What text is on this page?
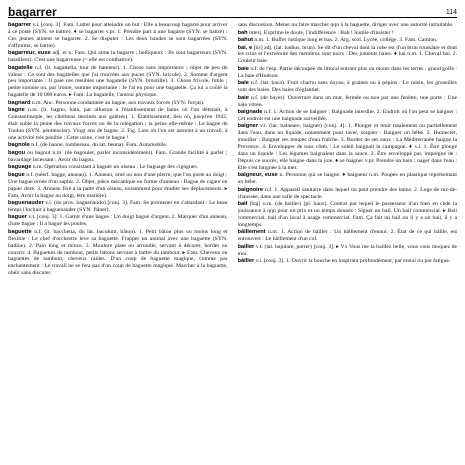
bagarrer	114

bagarrer v.i. [conj. 3]. Fam. Lutter pour atteindre un but : Elle a beaucoup bagarré pour arriver à ce poste (SYN. se battre). ♦ se bagarrer v.pr. 1. Prendre part à une bagarre (SYN. se battre) : Ces jeunes aiment se bagarrer. 2. Se disputer : Les deux bandes se sont bagarrées (SYN. s'affronter, se battre).

bagarreur, euse adj. et n. Fam. Qui aime la bagarre ; belliqueux : Ils sont bagarreurs (SYN. batailleur). C'est une bagarreuse (= elle est combative).

bagatelle n.f. (it. bagattella, tour de bateleur). 1. Chose sans importance ; objet de peu de valeur : Ce sont des bagatelles que j'ai trouvées aux puces (SYN. bricole). 2. Somme d'argent peu importante : Il paie ces meubles une bagatelle (SYN. broutille). 3. Chose frivole, futile ; petite somme ou, par ironie, somme importante : Je l'ai eu pour une bagatelle. Ça lui a coûté la bagatelle de 10 000 euros. ▸ Fam. La bagatelle, l'amour physique.

bagnard n.m. Anc. Personne condamnée au bagne, aux travaux forcés (SYN. forçat).

bagne n.m. (it. bagno, bain, par allusion à l'établissement de bains où l'on détenait, à Constantinople, les chrétiens destinés aux galères). 1. Établissement, lieu où, jusqu'en 1942, était subie la peine des travaux forcés ou de la relégation ; la peine elle-même : Le bagne de Toulon (SYN. pénitencier). Vingt ans de bagne. 2. Fig. Lieu où l'on est astreint à un travail, à une activité très pénible : Cette usine, c'est le bagne !

bagnole n.f. (de banne, tombereau, du lat. benna). Fam. Automobile.

bagou ou bagout n.m. (de bagouler, parler inconsidérément). Fam. Grande facilité à parler ; bavardage incessant : Avoir du bagou.

baguage n.m. Opération consistant à baguer un oiseau : Le baguage des cigognes.

bague n.f. (néerl. bagge, anneau). 1. Anneau, orné ou non d'une pierre, que l'on porte au doigt : Une bague ornée d'un saphir. 2. Objet, pièce mécanique en forme d'anneau : Bague de cigare en papier doré. 3. Anneau fixé à la patte d'un oiseau, notamment pour étudier ses déplacements. ▸ Fam. Avoir la bague au doigt, être marié(e).

baguenauder v.i. (du prov. baguenaudo) [conj. 3]. Fam. Se promener en s'attardant : Le beau temps l'incitait à baguenauder (SYN. flâner).

baguer v.t. [conj. 3]. 1. Garnir d'une bague : Un doigt bagué d'argent. 2. Marquer d'un anneau, d'une bague : Il a bagué les poules.

baguette n.f. (it. bacchetta, du lat. baculum, bâton). 1. Petit bâton plus ou moins long et flexible : Le chef d'orchestre lève sa baguette. Frapper un animal avec une baguette (SYN. badine). 2. Pain long et mince. 3. Moulure plate ou arrondie, servant à décorer, border ou couvrir. 4. Baguettes de tambour, petits bâtons servant à battre du tambour. ▸ Fam. Cheveux en baguettes de tambour, cheveux raides. D'un coup de baguette magique, comme par enchantement : Le travail ne se fera pas d'un coup de baguette magique. Marcher à la baguette, obéir sans discuter.

sans discussion. Mener ou faire marcher qqn à la baguette, diriger avec une autorité intraitable.

bah interj. Exprime le doute, l'indifférence : Bah ! inutile d'insister !

bahut n.m. 1. Buffet rustique long et bas. 2. Arg. scol. Lycée, collège. 3. Fam. Camion.

bai, e [bɛ] adj. (lat. badius, brun). Se dit d'un cheval dont la robe est d'un brun roussâtre et dont les crins et l'extrémité des membres sont noirs : Des juments baies. ♦ bai n.m. 1. Cheval bai. 2. Couleur baie.

baie n.f. de l'esp. Partie découpée du littoral entrant plus ou moins dans les terres ; grand golfe : La baie d'Hudson.

baie n.f. (lat. baca). Fruit charnu sans noyau, à graines ou à pépins : Le raisin, les groseilles sont des baies. Des baies d'églantier.

baie n.f. (de bayer). Ouverture dans un mur, fermée ou non par une fenêtre, une porte : Une baie vitrée.

baignade n.f. 1. Action de se baigner : Baignade interdite. 2. Endroit où l'on peut se baigner : Cet endroit est une baignade surveillée.

baigner v.t. (lat. balneare, baigner) [conj. 4]. 1. Plonger et tenir totalement ou partiellement dans l'eau, dans un liquide, notamment pour laver, soigner : Baigner un bébé. 2. Humecter, mouiller : Baigner ses tempes d'eau fraîche. 3. Border de ses eaux : La Méditerranée baigne la Provence. 4. Envelopper de tous côtés : Le soleil baignait la campagne. ♦ v.i. 1. Être plongé dans un liquide : Les légumes baignaient dans la sauce. 2. Être enveloppé par, imprégné de : Depuis ce succès, elle baigne dans la joie. ♦ se baigner v.pr. Prendre un bain ; nager dans l'eau : Elle s'est baignée à la mer.

baigneur, euse n. Personne qui se baigne. ♦ baigneur n.m. Poupée en plastique représentant un bébé.

baignoire n.f. 1. Appareil sanitaire dans lequel on peut prendre des bains. 2. Loge de rez-de-chaussée, dans une salle de spectacle.

bail [baj] n.m. (de bailler) [pl. baux]. Contrat par lequel le possesseur d'un bien en cède la jouissance à qqn pour un prix et un temps donnés : Signer un bail. Un bail commercial. ▸ Bail commercial, bail d'un local à usage commercial. Fam. Ça fait un bail ou il y a un bail, il y a longtemps.

bâillement n.m. 1. Action de bâiller : Un bâillement d'ennui. 2. État de ce qui bâille, est entrouvert : Le bâillement d'un col.

bailler v.t. (lat. bajulare, porter) [conj. 3]. ▸ Vx Vous me la baillez belle, vous vous moquez de moi.

bâiller v.i. [conj. 3]. 1. Ouvrir la bouche en inspirant profondément, par ennui ou par fatigue.
